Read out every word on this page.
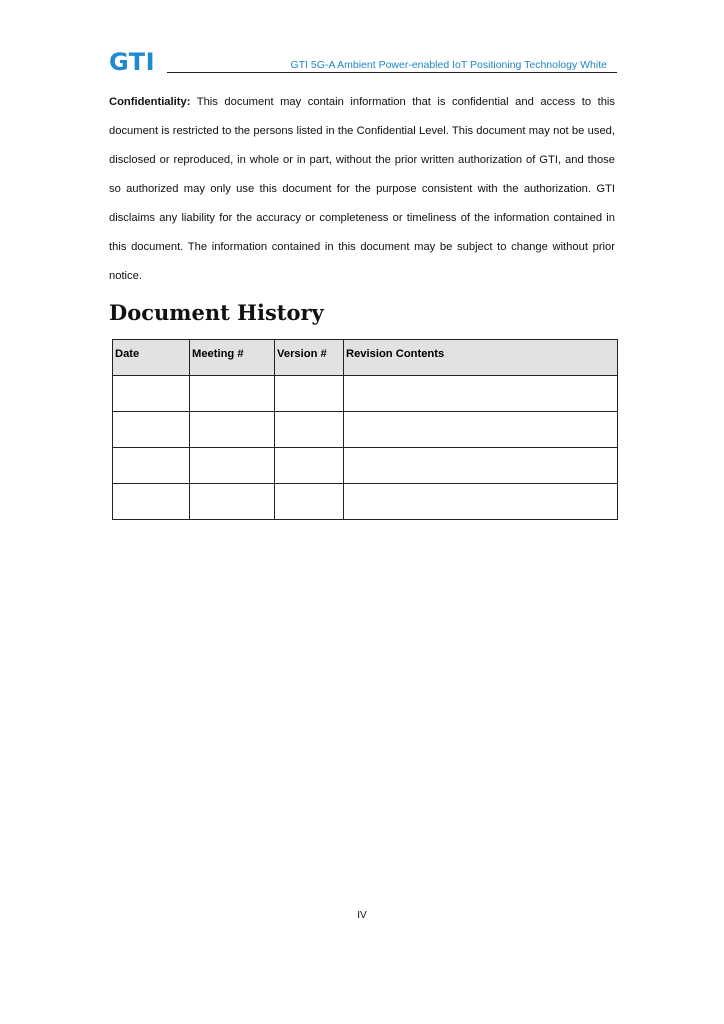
GTI	GTI 5G-A Ambient Power-enabled IoT Positioning Technology White
Confidentiality: This document may contain information that is confidential and access to this document is restricted to the persons listed in the Confidential Level. This document may not be used, disclosed or reproduced, in whole or in part, without the prior written authorization of GTI, and those so authorized may only use this document for the purpose consistent with the authorization. GTI disclaims any liability for the accuracy or completeness or timeliness of the information contained in this document. The information contained in this document may be subject to change without prior notice.
Document History
Date	Meeting #	Version #	Revision Contents

IV
